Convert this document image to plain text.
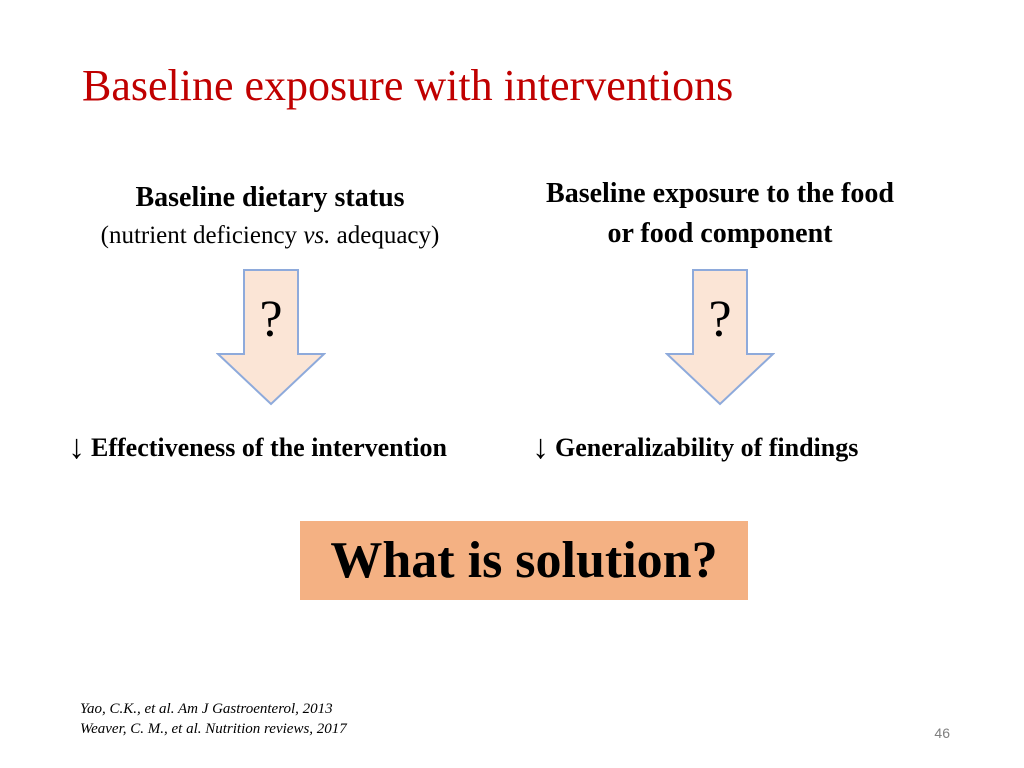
Baseline exposure with interventions
Baseline dietary status
(nutrient deficiency vs. adequacy)
Baseline exposure to the food
or food component
?	?
↓ Effectiveness of the intervention	↓ Generalizability of findings
What is solution?
Yao, C.K., et al. Am J Gastroenterol, 2013
Weaver, C. M., et al. Nutrition reviews, 2017	46
